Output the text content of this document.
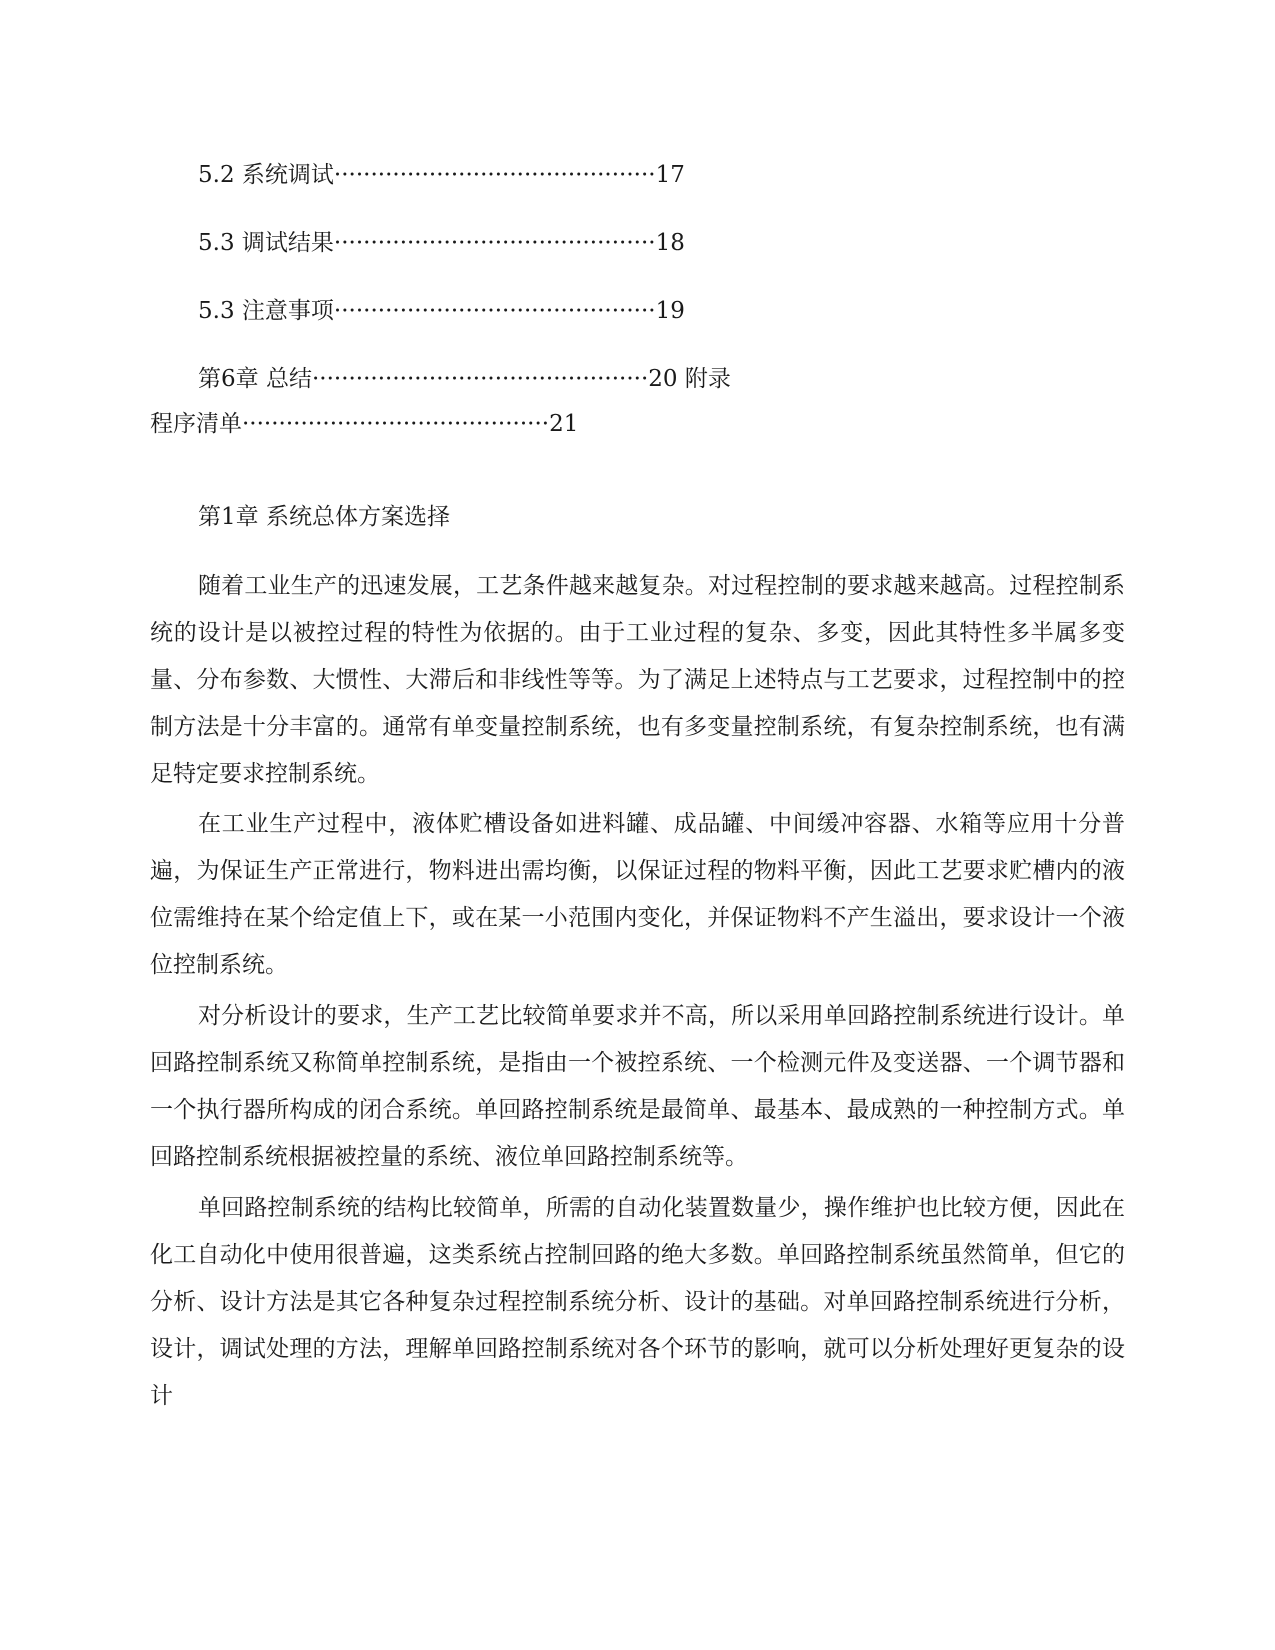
5.2 系统调试············································17
5.3 调试结果············································18
5.3 注意事项············································19
第6章 总结··············································20 附录
程序清单··········································21
第1章 系统总体方案选择

随着工业生产的迅速发展，工艺条件越来越复杂。对过程控制的要求越来越高。过程控制系统的设计是以被控过程的特性为依据的。由于工业过程的复杂、多变，因此其特性多半属多变量、分布参数、大惯性、大滞后和非线性等等。为了满足上述特点与工艺要求，过程控制中的控制方法是十分丰富的。通常有单变量控制系统，也有多变量控制系统，有复杂控制系统，也有满足特定要求控制系统。

在工业生产过程中，液体贮槽设备如进料罐、成品罐、中间缓冲容器、水箱等应用十分普遍，为保证生产正常进行，物料进出需均衡，以保证过程的物料平衡，因此工艺要求贮槽内的液位需维持在某个给定值上下，或在某一小范围内变化，并保证物料不产生溢出，要求设计一个液位控制系统。

对分析设计的要求，生产工艺比较简单要求并不高，所以采用单回路控制系统进行设计。单回路控制系统又称简单控制系统，是指由一个被控系统、一个检测元件及变送器、一个调节器和一个执行器所构成的闭合系统。单回路控制系统是最简单、最基本、最成熟的一种控制方式。单回路控制系统根据被控量的系统、液位单回路控制系统等。

单回路控制系统的结构比较简单，所需的自动化装置数量少，操作维护也比较方便，因此在化工自动化中使用很普遍，这类系统占控制回路的绝大多数。单回路控制系统虽然简单，但它的分析、设计方法是其它各种复杂过程控制系统分析、设计的基础。对单回路控制系统进行分析，设计，调试处理的方法，理解单回路控制系统对各个环节的影响，就可以分析处理好更复杂的设计
